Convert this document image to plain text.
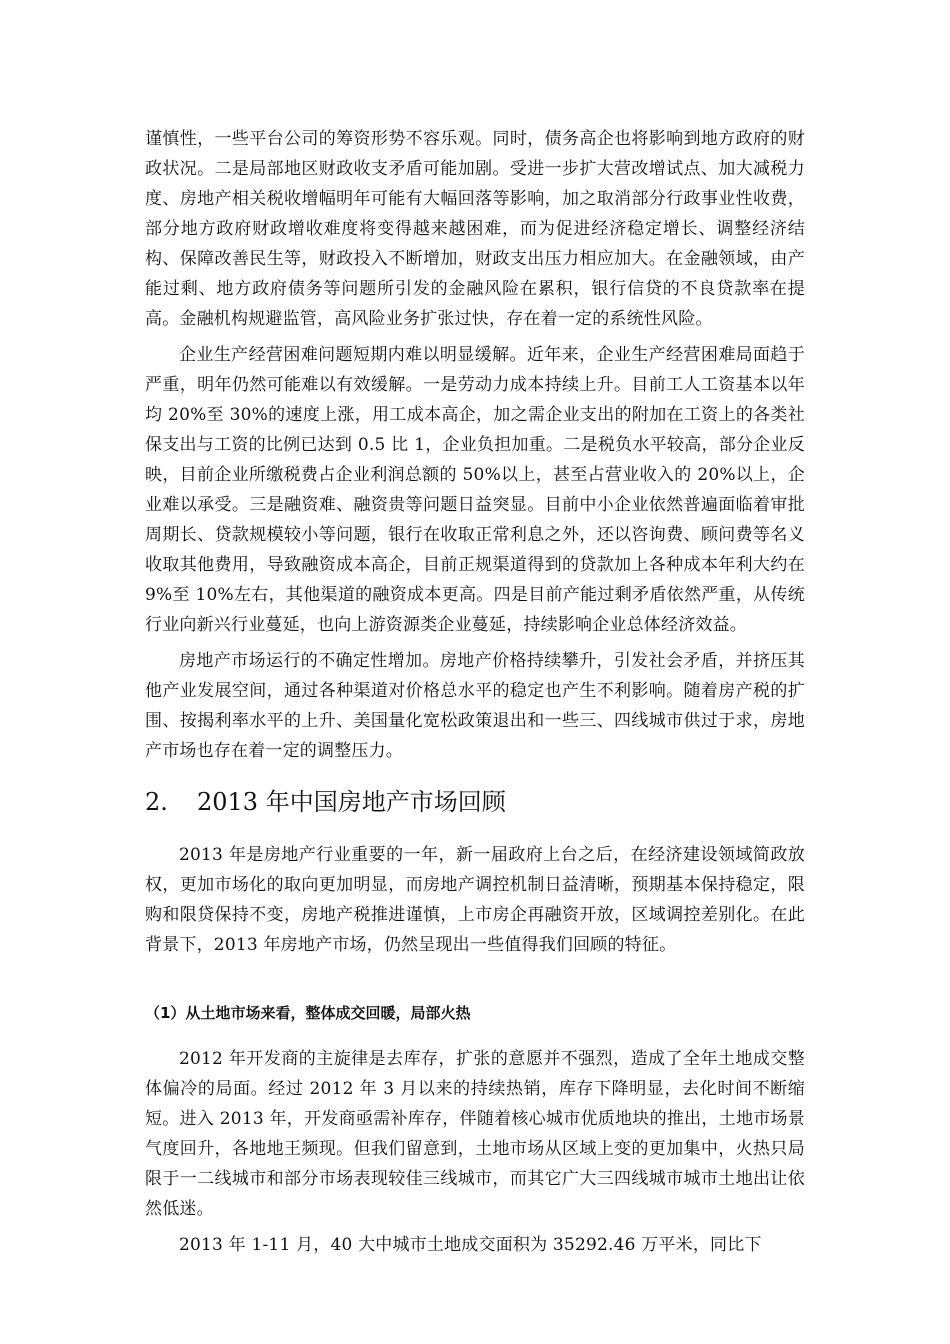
谨慎性，一些平台公司的筹资形势不容乐观。同时，债务高企也将影响到地方政府的财政状况。二是局部地区财政收支矛盾可能加剧。受进一步扩大营改增试点、加大减税力度、房地产相关税收增幅明年可能有大幅回落等影响，加之取消部分行政事业性收费，部分地方政府财政增收难度将变得越来越困难，而为促进经济稳定增长、调整经济结构、保障改善民生等，财政投入不断增加，财政支出压力相应加大。在金融领域，由产能过剩、地方政府债务等问题所引发的金融风险在累积，银行信贷的不良贷款率在提高。金融机构规避监管，高风险业务扩张过快，存在着一定的系统性风险。

企业生产经营困难问题短期内难以明显缓解。近年来，企业生产经营困难局面趋于严重，明年仍然可能难以有效缓解。一是劳动力成本持续上升。目前工人工资基本以年均 20%至 30%的速度上涨，用工成本高企，加之需企业支出的附加在工资上的各类社保支出与工资的比例已达到 0.5 比 1，企业负担加重。二是税负水平较高，部分企业反映，目前企业所缴税费占企业利润总额的 50%以上，甚至占营业收入的 20%以上，企业难以承受。三是融资难、融资贵等问题日益突显。目前中小企业依然普遍面临着审批周期长、贷款规模较小等问题，银行在收取正常利息之外，还以咨询费、顾问费等名义收取其他费用，导致融资成本高企，目前正规渠道得到的贷款加上各种成本年利大约在 9%至 10%左右，其他渠道的融资成本更高。四是目前产能过剩矛盾依然严重，从传统行业向新兴行业蔓延，也向上游资源类企业蔓延，持续影响企业总体经济效益。

房地产市场运行的不确定性增加。房地产价格持续攀升，引发社会矛盾，并挤压其他产业发展空间，通过各种渠道对价格总水平的稳定也产生不利影响。随着房产税的扩围、按揭利率水平的上升、美国量化宽松政策退出和一些三、四线城市供过于求，房地产市场也存在着一定的调整压力。

2.	2013 年中国房地产市场回顾

2013 年是房地产行业重要的一年，新一届政府上台之后，在经济建设领域简政放权，更加市场化的取向更加明显，而房地产调控机制日益清晰，预期基本保持稳定，限购和限贷保持不变，房地产税推进谨慎，上市房企再融资开放，区域调控差别化。在此背景下，2013 年房地产市场，仍然呈现出一些值得我们回顾的特征。

（1）从土地市场来看，整体成交回暖，局部火热

2012 年开发商的主旋律是去库存，扩张的意愿并不强烈，造成了全年土地成交整体偏冷的局面。经过 2012 年 3 月以来的持续热销，库存下降明显，去化时间不断缩短。进入 2013 年，开发商亟需补库存，伴随着核心城市优质地块的推出，土地市场景气度回升，各地地王频现。但我们留意到，土地市场从区域上变的更加集中，火热只局限于一二线城市和部分市场表现较佳三线城市，而其它广大三四线城市城市土地出让依然低迷。

2013 年 1-11 月，40 大中城市土地成交面积为 35292.46 万平米，同比下
